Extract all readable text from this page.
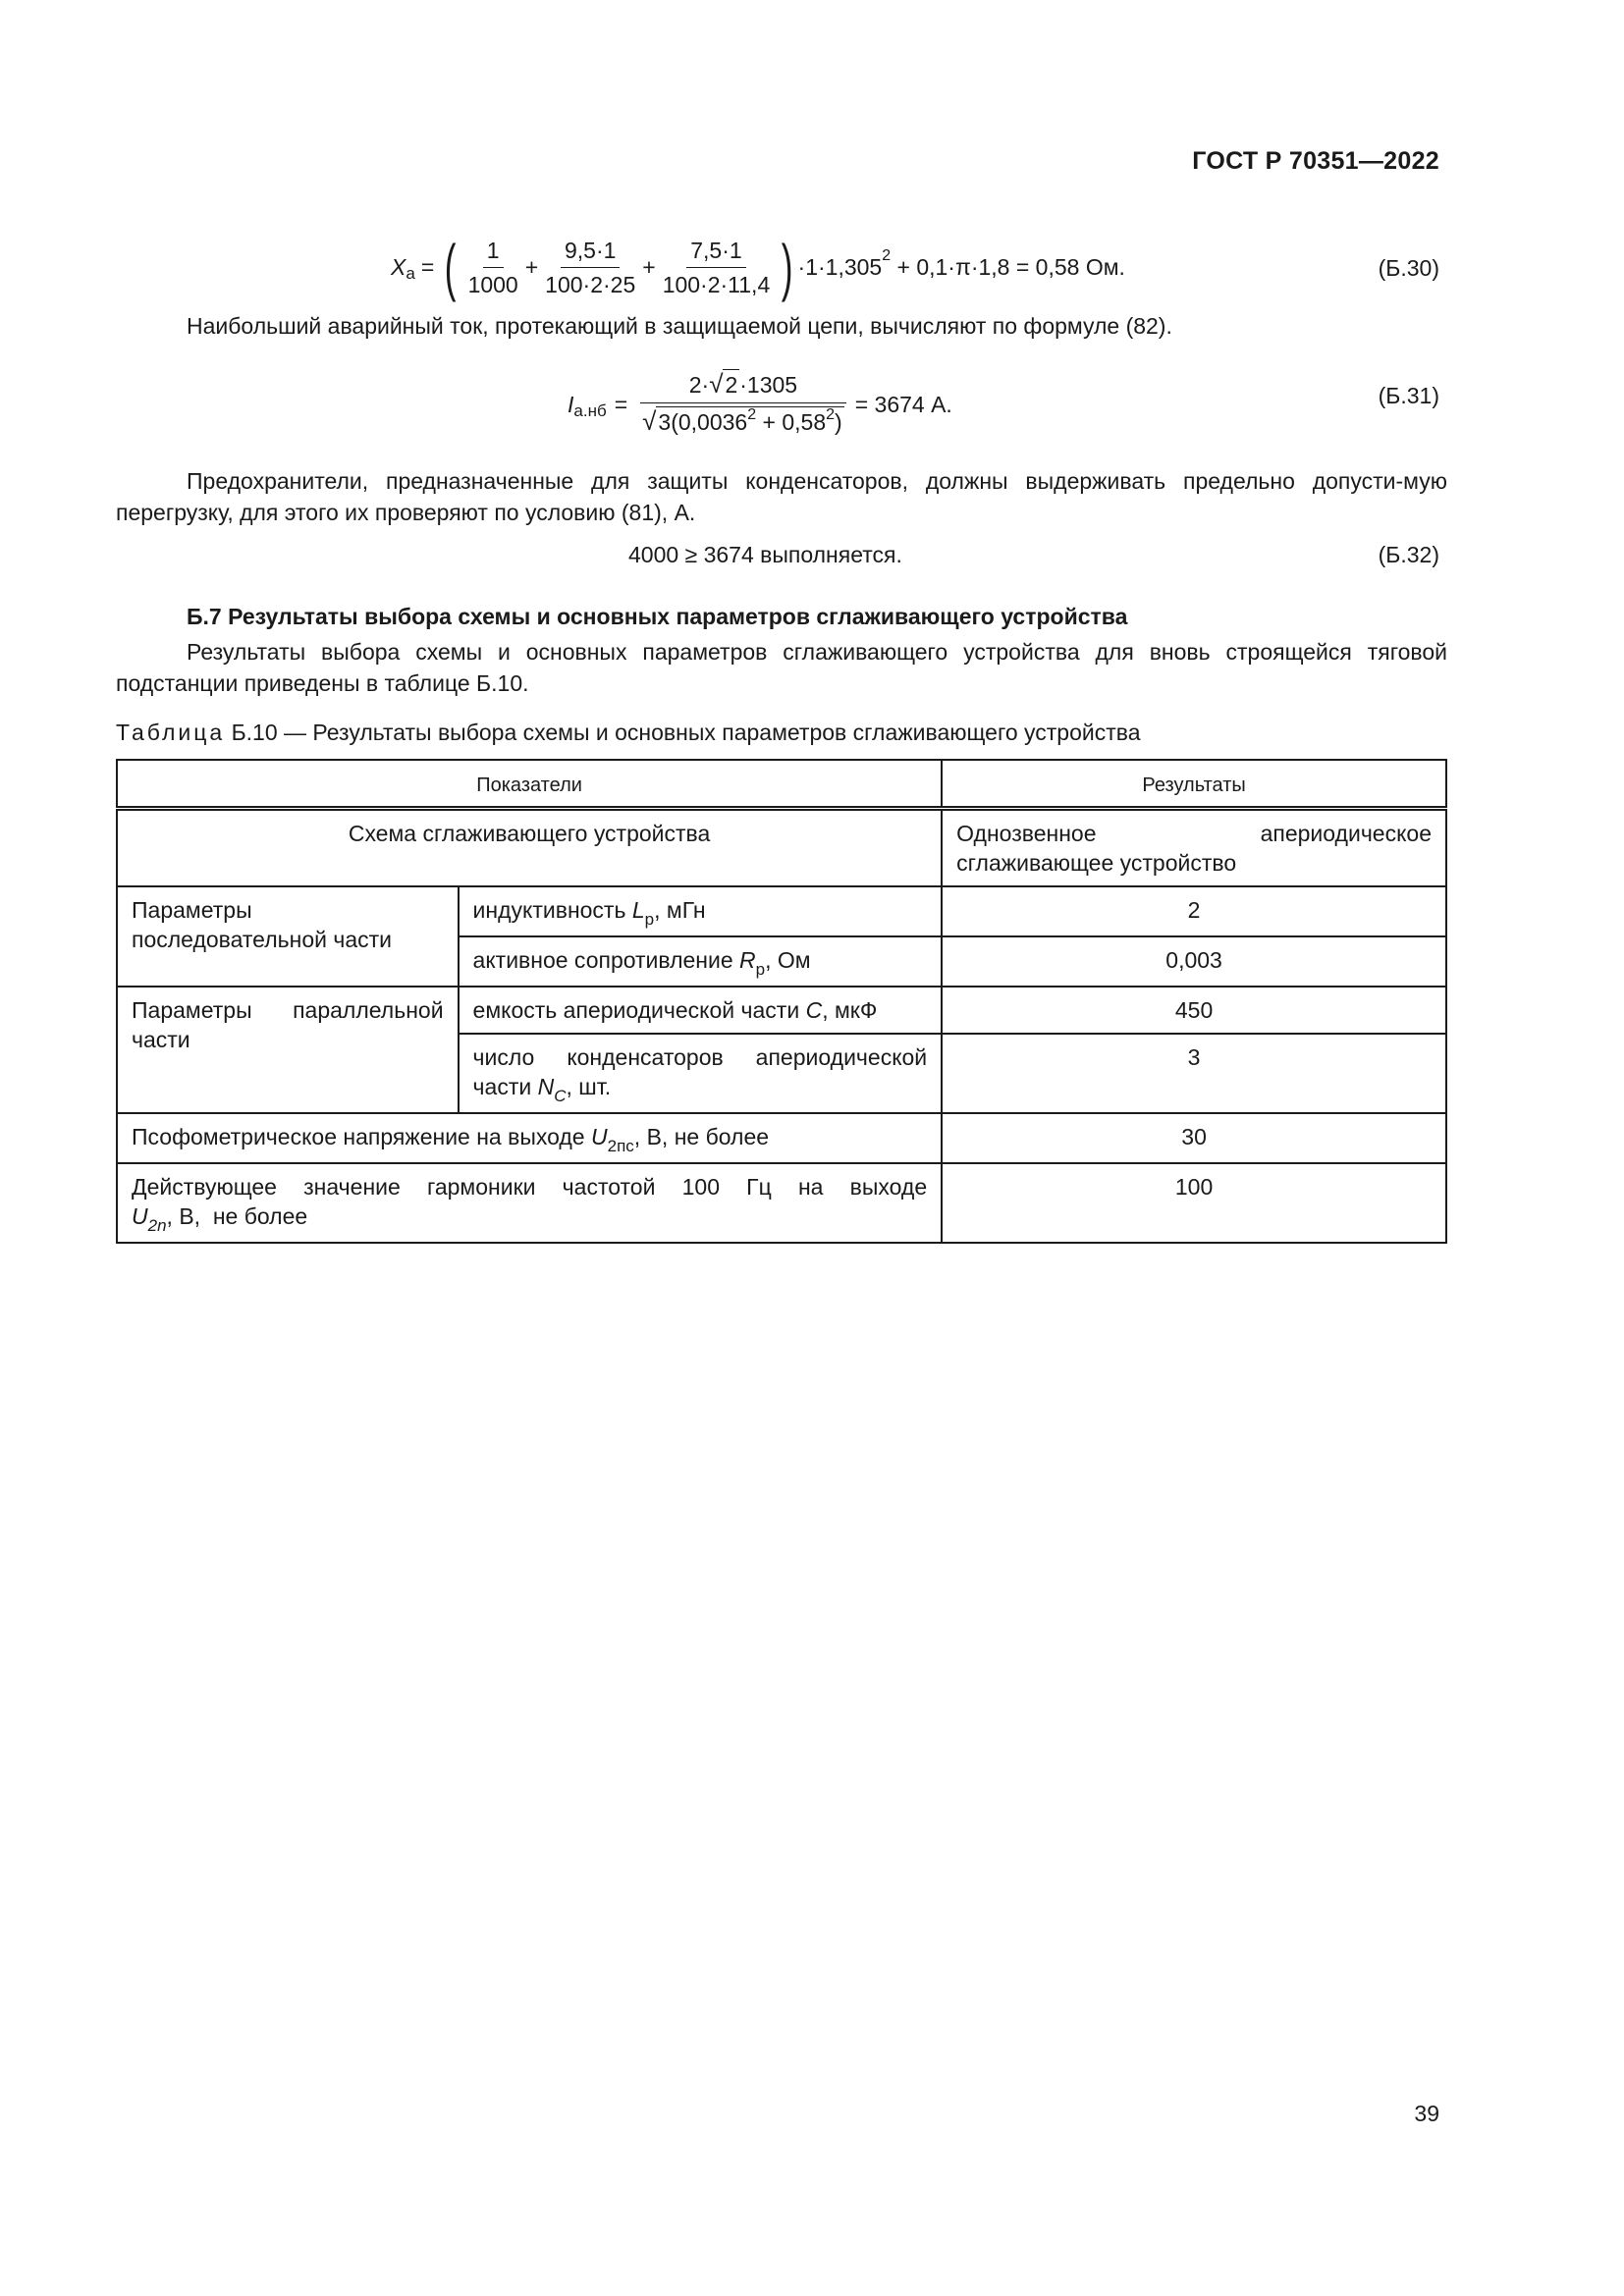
ГОСТ Р 70351—2022
X а = ( $\frac{1}{1000} + \frac{9,5\cdot 1}{100\cdot 2\cdot 25} + \frac{7,5\cdot 1}{100\cdot 2\cdot 11,4}$ ) ·1·1,305 2 + 0,1·π·1,8 = 0,58 Ом.	(Б.30)
Наибольший аварийный ток, протекающий в защищаемой цепи, вычисляют по формуле (82).
I $а.нб = \frac{2\cdot√2\cdot 1305}{√3(0,0036^2 + 0,58^2)} = 3674$ А.	(Б.31)
Предохранители, предназначенные для защиты конденсаторов, должны выдерживать предельно допусти-мую перегрузку, для этого их проверяют по условию (81), А.
4000 ≥ 3674 выполняется.	(Б.32)
Б.7 Результаты выбора схемы и основных параметров сглаживающего устройства
Результаты выбора схемы и основных параметров сглаживающего устройства для вновь строящейся тяговой подстанции приведены в таблице Б.10.
Таблица Б.10 — Результаты выбора схемы и основных параметров сглаживающего устройства
Показатели		Результаты
Схема сглаживающего устройства		Однозвенное апериодическое сглаживающее устройство
Параметры последовательной части	индуктивность $L_р$, мГн	2
	активное сопротивление $R_р$, Ом	0,003
Параметры параллельной части	емкость апериодической части C, мкФ	450
	число конденсаторов апериодической части $N_C$, шт.	3
Псофометрическое напряжение на выходе $U_{2пс}$, В, не более		30
Действующее значение гармоники частотой 100 Гц на выходе $U_{2n}$, В,  не более		100
39
